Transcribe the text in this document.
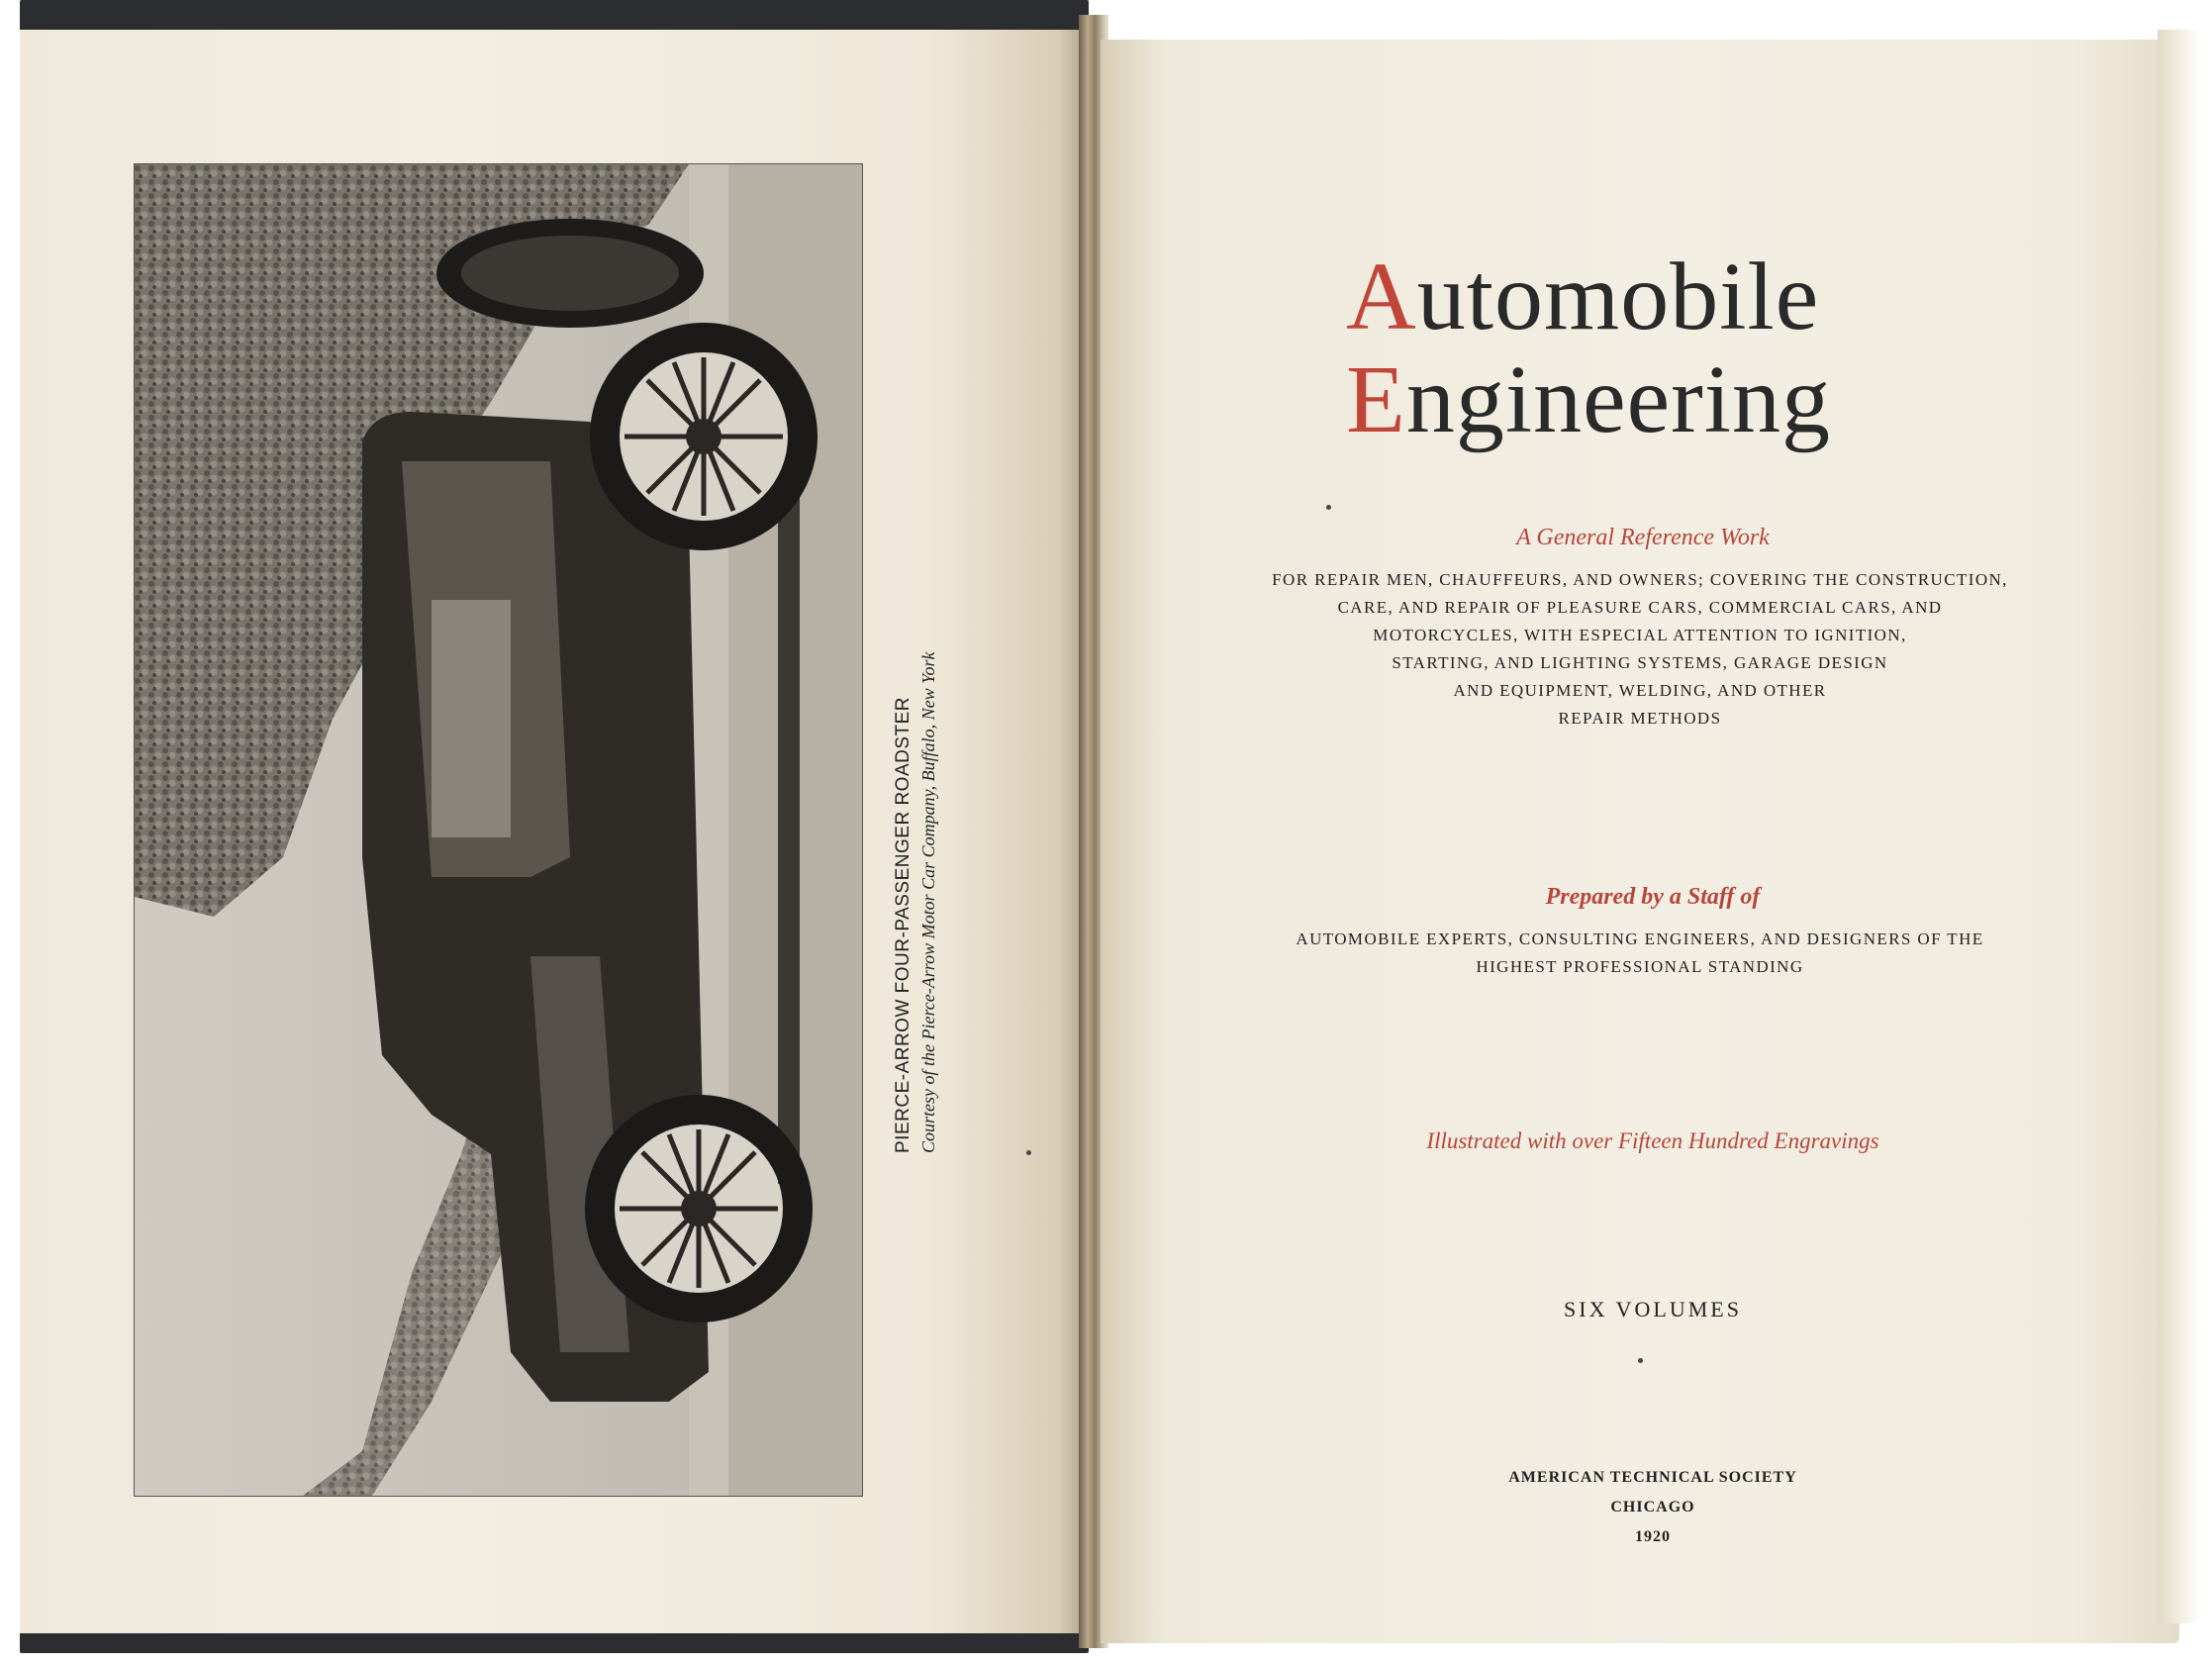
PIERCE-ARROW FOUR-PASSENGER ROADSTER Courtesy of the Pierce-Arrow Motor Car Company, Buffalo, New York
Automobile
Engineering
A General Reference Work
FOR REPAIR MEN, CHAUFFEURS, AND OWNERS; COVERING THE CONSTRUCTION,
CARE, AND REPAIR OF PLEASURE CARS, COMMERCIAL CARS, AND
MOTORCYCLES, WITH ESPECIAL ATTENTION TO IGNITION,
STARTING, AND LIGHTING SYSTEMS, GARAGE DESIGN
AND EQUIPMENT, WELDING, AND OTHER
REPAIR METHODS
Prepared by a Staff of
AUTOMOBILE EXPERTS, CONSULTING ENGINEERS, AND DESIGNERS OF THE
HIGHEST PROFESSIONAL STANDING
Illustrated with over Fifteen Hundred Engravings
SIX VOLUMES
AMERICAN TECHNICAL SOCIETY
CHICAGO
1920
